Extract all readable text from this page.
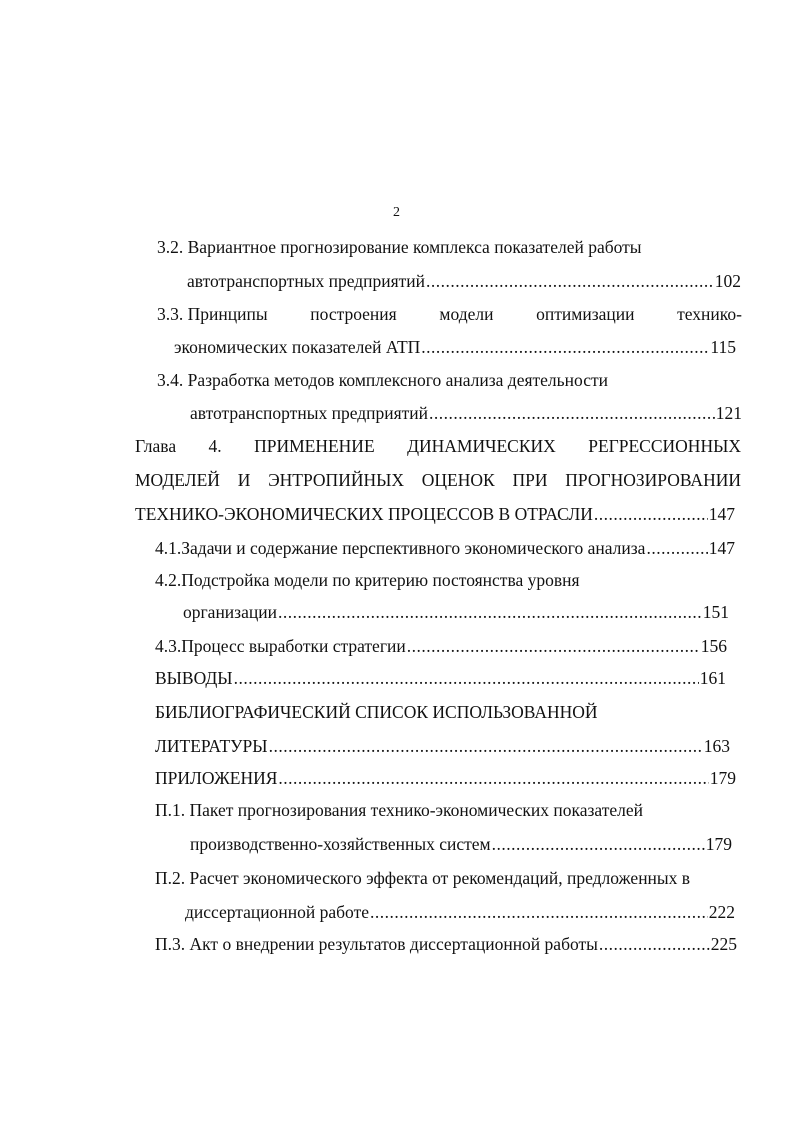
2
3.2. Вариантное прогнозирование комплекса показателей работы
автотранспортных предприятий .....	102
3.3. Принципы построения модели оптимизации технико-
экономических показателей АТП .....	115
3.4. Разработка методов комплексного анализа деятельности
автотранспортных предприятий .....	121
Глава 4. ПРИМЕНЕНИЕ ДИНАМИЧЕСКИХ РЕГРЕССИОННЫХ
МОДЕЛЕЙ И ЭНТРОПИЙНЫХ ОЦЕНОК ПРИ ПРОГНОЗИРОВАНИИ
ТЕХНИКО-ЭКОНОМИЧЕСКИХ ПРОЦЕССОВ В ОТРАСЛИ .....	147
4.1.Задачи и содержание перспективного экономического анализа .....	147
4.2.Подстройка модели по критерию постоянства уровня
организации .....	151
4.3.Процесс выработки стратегии .....	156
ВЫВОДЫ .....	161
БИБЛИОГРАФИЧЕСКИЙ СПИСОК ИСПОЛЬЗОВАННОЙ
ЛИТЕРАТУРЫ .....	163
ПРИЛОЖЕНИЯ .....	179
П.1. Пакет прогнозирования технико-экономических показателей
производственно-хозяйственных систем .....	179
П.2. Расчет экономического эффекта от рекомендаций, предложенных в
диссертационной работе .....	222
П.3. Акт о внедрении результатов диссертационной работы .....	225
